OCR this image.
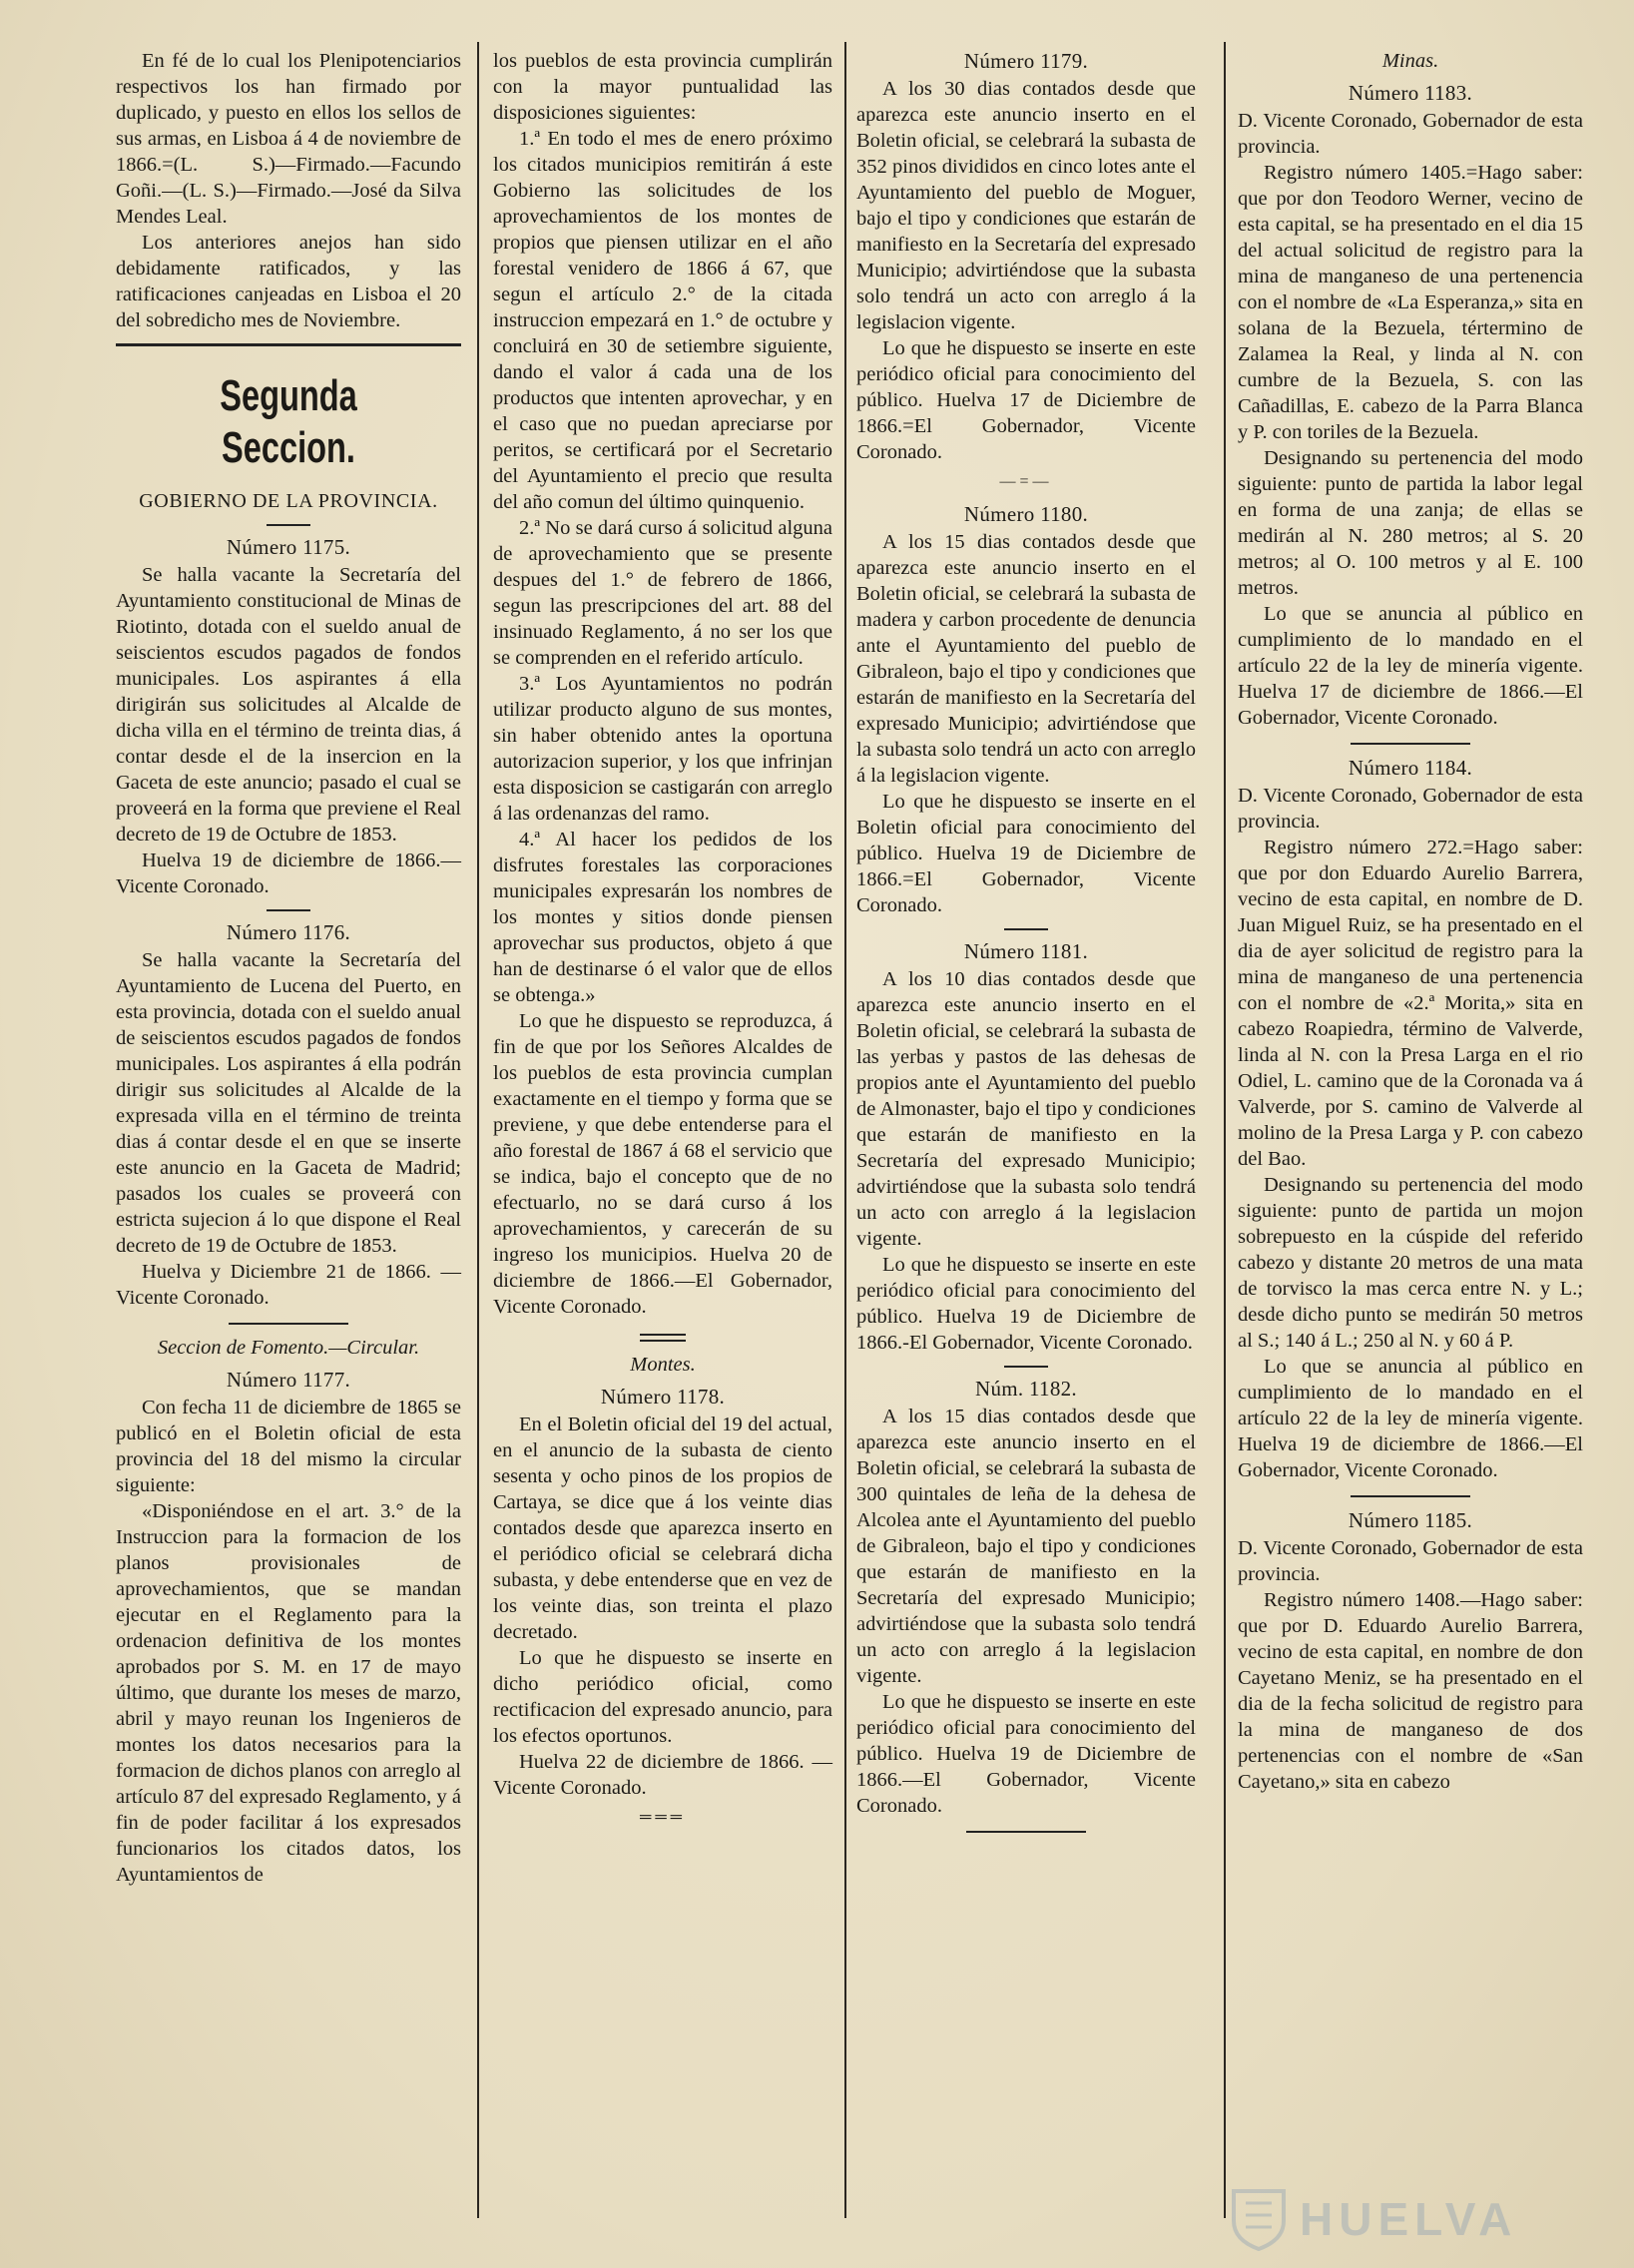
En fé de lo cual los Plenipotenciarios respectivos los han firmado por duplicado, y puesto en ellos los sellos de sus armas, en Lisboa á 4 de noviembre de 1866.=(L. S.)—Firmado.—Facundo Goñi.—(L. S.)—Firmado.—José da Silva Mendes Leal.

Los anteriores anejos han sido debidamente ratificados, y las ratificaciones canjeadas en Lisboa el 20 del sobredicho mes de Noviembre.

Segunda Seccion.
GOBIERNO DE LA PROVINCIA.
Número 1175.

Se halla vacante la Secretaría del Ayuntamiento constitucional de Minas de Riotinto, dotada con el sueldo anual de seiscientos escudos pagados de fondos municipales. Los aspirantes á ella dirigirán sus solicitudes al Alcalde de dicha villa en el término de treinta dias, á contar desde el de la insercion en la Gaceta de este anuncio; pasado el cual se proveerá en la forma que previene el Real decreto de 19 de Octubre de 1853.

Huelva 19 de diciembre de 1866.—Vicente Coronado.

Número 1176.

Se halla vacante la Secretaría del Ayuntamiento de Lucena del Puerto, en esta provincia, dotada con el sueldo anual de seiscientos escudos pagados de fondos municipales. Los aspirantes á ella podrán dirigir sus solicitudes al Alcalde de la expresada villa en el término de treinta dias á contar desde el en que se inserte este anuncio en la Gaceta de Madrid; pasados los cuales se proveerá con estricta sujecion á lo que dispone el Real decreto de 19 de Octubre de 1853.

Huelva y Diciembre 21 de 1866. —Vicente Coronado.

Seccion de Fomento.—Circular.
Número 1177.

Con fecha 11 de diciembre de 1865 se publicó en el Boletin oficial de esta provincia del 18 del mismo la circular siguiente:

«Disponiéndose en el art. 3.° de la Instruccion para la formacion de los planos provisionales de aprovechamientos, que se mandan ejecutar en el Reglamento para la ordenacion definitiva de los montes aprobados por S. M. en 17 de mayo último, que durante los meses de marzo, abril y mayo reunan los Ingenieros de montes los datos necesarios para la formacion de dichos planos con arreglo al artículo 87 del expresado Reglamento, y á fin de poder facilitar á los expresados funcionarios los citados datos, los Ayuntamientos de

los pueblos de esta provincia cumplirán con la mayor puntualidad las disposiciones siguientes:

1.ª En todo el mes de enero próximo los citados municipios remitirán á este Gobierno las solicitudes de los aprovechamientos de los montes de propios que piensen utilizar en el año forestal venidero de 1866 á 67, que segun el artículo 2.° de la citada instruccion empezará en 1.° de octubre y concluirá en 30 de setiembre siguiente, dando el valor á cada una de los productos que intenten aprovechar, y en el caso que no puedan apreciarse por peritos, se certificará por el Secretario del Ayuntamiento el precio que resulta del año comun del último quinquenio.

2.ª No se dará curso á solicitud alguna de aprovechamiento que se presente despues del 1.° de febrero de 1866, segun las prescripciones del art. 88 del insinuado Reglamento, á no ser los que se comprenden en el referido artículo.

3.ª Los Ayuntamientos no podrán utilizar producto alguno de sus montes, sin haber obtenido antes la oportuna autorizacion superior, y los que infrinjan esta disposicion se castigarán con arreglo á las ordenanzas del ramo.

4.ª Al hacer los pedidos de los disfrutes forestales las corporaciones municipales expresarán los nombres de los montes y sitios donde piensen aprovechar sus productos, objeto á que han de destinarse ó el valor que de ellos se obtenga.»

Lo que he dispuesto se reproduzca, á fin de que por los Señores Alcaldes de los pueblos de esta provincia cumplan exactamente en el tiempo y forma que se previene, y que debe entenderse para el año forestal de 1867 á 68 el servicio que se indica, bajo el concepto que de no efectuarlo, no se dará curso á los aprovechamientos, y carecerán de su ingreso los municipios. Huelva 20 de diciembre de 1866.—El Gobernador, Vicente Coronado.

Montes.
Número 1178.

En el Boletin oficial del 19 del actual, en el anuncio de la subasta de ciento sesenta y ocho pinos de los propios de Cartaya, se dice que á los veinte dias contados desde que aparezca inserto en el periódico oficial se celebrará dicha subasta, y debe entenderse que en vez de los veinte dias, son treinta el plazo decretado.

Lo que he dispuesto se inserte en dicho periódico oficial, como rectificacion del expresado anuncio, para los efectos oportunos.

Huelva 22 de diciembre de 1866. —Vicente Coronado.

═══
Número 1179.

A los 30 dias contados desde que aparezca este anuncio inserto en el Boletin oficial, se celebrará la subasta de 352 pinos divididos en cinco lotes ante el Ayuntamiento del pueblo de Moguer, bajo el tipo y condiciones que estarán de manifiesto en la Secretaría del expresado Municipio; advirtiéndose que la subasta solo tendrá un acto con arreglo á la legislacion vigente.

Lo que he dispuesto se inserte en este periódico oficial para conocimiento del público. Huelva 17 de Diciembre de 1866.=El Gobernador, Vicente Coronado.

—=—
Número 1180.

A los 15 dias contados desde que aparezca este anuncio inserto en el Boletin oficial, se celebrará la subasta de madera y carbon procedente de denuncia ante el Ayuntamiento del pueblo de Gibraleon, bajo el tipo y condiciones que estarán de manifiesto en la Secretaría del expresado Municipio; advirtiéndose que la subasta solo tendrá un acto con arreglo á la legislacion vigente.

Lo que he dispuesto se inserte en el Boletin oficial para conocimiento del público. Huelva 19 de Diciembre de 1866.=El Gobernador, Vicente Coronado.

Número 1181.

A los 10 dias contados desde que aparezca este anuncio inserto en el Boletin oficial, se celebrará la subasta de las yerbas y pastos de las dehesas de propios ante el Ayuntamiento del pueblo de Almonaster, bajo el tipo y condiciones que estarán de manifiesto en la Secretaría del expresado Municipio; advirtiéndose que la subasta solo tendrá un acto con arreglo á la legislacion vigente.

Lo que he dispuesto se inserte en este periódico oficial para conocimiento del público. Huelva 19 de Diciembre de 1866.-El Gobernador, Vicente Coronado.

Núm. 1182.

A los 15 dias contados desde que aparezca este anuncio inserto en el Boletin oficial, se celebrará la subasta de 300 quintales de leña de la dehesa de Alcolea ante el Ayuntamiento del pueblo de Gibraleon, bajo el tipo y condiciones que estarán de manifiesto en la Secretaría del expresado Municipio; advirtiéndose que la subasta solo tendrá un acto con arreglo á la legislacion vigente.

Lo que he dispuesto se inserte en este periódico oficial para conocimiento del público. Huelva 19 de Diciembre de 1866.—El Gobernador, Vicente Coronado.

Minas.
Número 1183.

D. Vicente Coronado, Gobernador de esta provincia.

Registro número 1405.=Hago saber: que por don Teodoro Werner, vecino de esta capital, se ha presentado en el dia 15 del actual solicitud de registro para la mina de manganeso de una pertenencia con el nombre de «La Esperanza,» sita en solana de la Bezuela, tértermino de Zalamea la Real, y linda al N. con cumbre de la Bezuela, S. con las Cañadillas, E. cabezo de la Parra Blanca y P. con toriles de la Bezuela.

Designando su pertenencia del modo siguiente: punto de partida la labor legal en forma de una zanja; de ellas se medirán al N. 280 metros; al S. 20 metros; al O. 100 metros y al E. 100 metros.

Lo que se anuncia al público en cumplimiento de lo mandado en el artículo 22 de la ley de minería vigente. Huelva 17 de diciembre de 1866.—El Gobernador, Vicente Coronado.

Número 1184.

D. Vicente Coronado, Gobernador de esta provincia.

Registro número 272.=Hago saber: que por don Eduardo Aurelio Barrera, vecino de esta capital, en nombre de D. Juan Miguel Ruiz, se ha presentado en el dia de ayer solicitud de registro para la mina de manganeso de una pertenencia con el nombre de «2.ª Morita,» sita en cabezo Roapiedra, término de Valverde, linda al N. con la Presa Larga en el rio Odiel, L. camino que de la Coronada va á Valverde, por S. camino de Valverde al molino de la Presa Larga y P. con cabezo del Bao.

Designando su pertenencia del modo siguiente: punto de partida un mojon sobrepuesto en la cúspide del referido cabezo y distante 20 metros de una mata de torvisco la mas cerca entre N. y L.; desde dicho punto se medirán 50 metros al S.; 140 á L.; 250 al N. y 60 á P.

Lo que se anuncia al público en cumplimiento de lo mandado en el artículo 22 de la ley de minería vigente. Huelva 19 de diciembre de 1866.—El Gobernador, Vicente Coronado.

Número 1185.

D. Vicente Coronado, Gobernador de esta provincia.

Registro número 1408.—Hago saber: que por D. Eduardo Aurelio Barrera, vecino de esta capital, en nombre de don Cayetano Meniz, se ha presentado en el dia de la fecha solicitud de registro para la mina de manganeso de dos pertenencias con el nombre de «San Cayetano,» sita en cabezo

HUELVA
